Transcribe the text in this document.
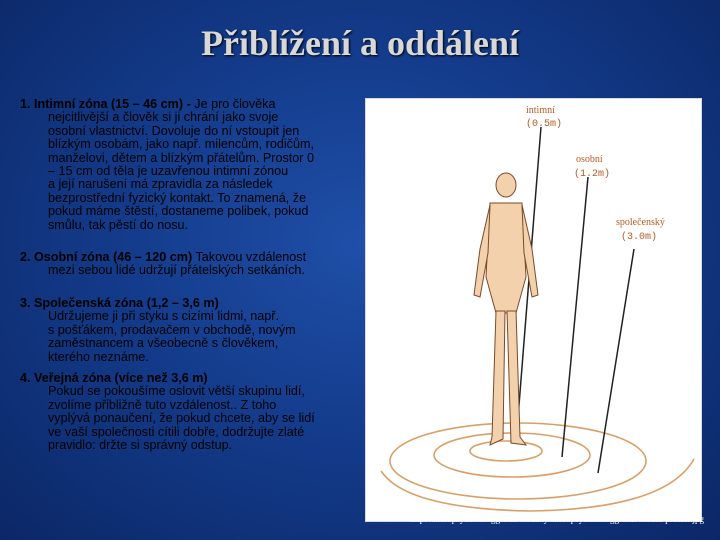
Přiblížení a oddálení
1. Intimní zóna (15 – 46 cm) - Je pro člověka
nejcitlivější a člověk si ji chrání jako svoje
osobní vlastnictví. Dovoluje do ní vstoupit jen
blízkým osobám, jako např. milencům, rodičům,
manželovi, dětem a blízkým přátelům. Prostor 0
– 15 cm od těla je uzavřenou intimní zónou
a její narušení má zpravidla za následek
bezprostřední fyzický kontakt. To znamená, že
pokud máme štěstí, dostaneme polibek, pokud
smůlu, tak pěstí do nosu.
2. Osobní zóna (46 – 120 cm) Takovou vzdálenost
mezi sebou lidé udržují přátelských setkáních.
3. Společenská zóna (1,2 – 3,6 m)
Udržujeme ji při styku s cizími lidmi, např.
s pošťákem, prodavačem v obchodě, novým
zaměstnancem a všeobecně s člověkem,
kterého neznáme.
4. Veřejná zóna (více než 3,6 m)
Pokud se pokoušíme oslovit větší skupinu lidí,
zvolíme přibližně tuto vzdálenost.. Z toho
vyplývá ponaučení, že pokud chcete, aby se lidí
ve vaší společnosti cítili dobře, dodržujte zlaté
pravidlo: držte si správný odstup.
intimní
(0.5m)
osobní
(1.2m)
společenský
(3.0m)
http://skoropsycho.blogger.cz/obrazky/skoropsycho.blogger.cz/osobni-prostor.jpg
